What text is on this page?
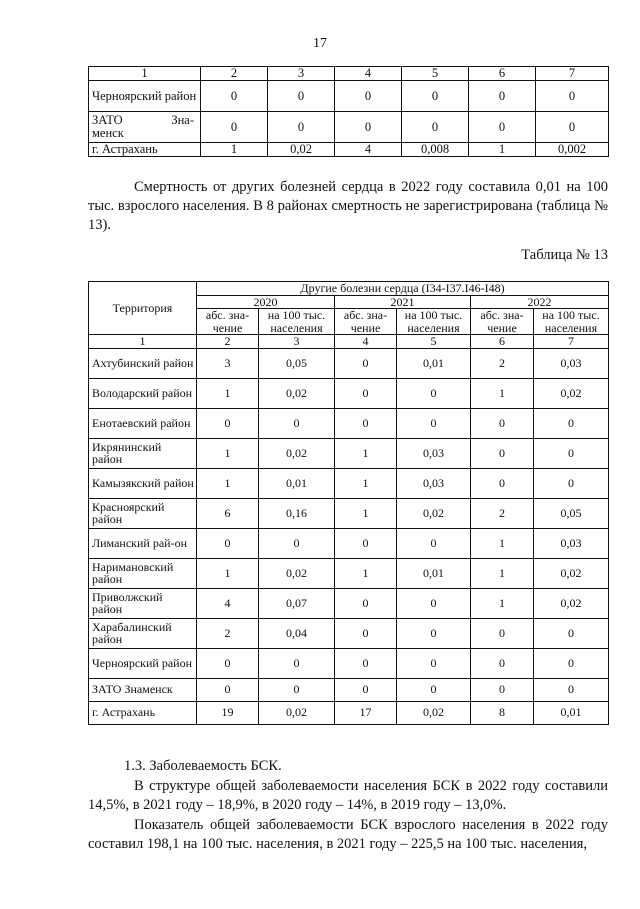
17
1	2	3	4	5	6	7
Черноярский район	0	0	0	0	0	0

ЗАТО Зна-
менск	0	0	0	0	0	0
г. Астрахань	1	0,02	4	0,008	1	0,002
Смертность от других болезней сердца в 2022 году составила 0,01 на 100 тыс. взрослого населения. В 8 районах смертность не зарегистрирована (таблица № 13).
Таблица № 13
Территория	Другие болезни сердца (I34-I37.I46-I48)					
	2020		2021		2022	
	абс. зна-чение	на 100 тыс. населения	абс. зна-чение	на 100 тыс. населения	абс. зна-чение	на 100 тыс. населения
1	2	3	4	5	6	7
Ахтубинский район	3	0,05	0	0,01	2	0,03
Володарский район	1	0,02	0	0	1	0,02
Енотаевский район	0	0	0	0	0	0
Икрянинский район	1	0,02	1	0,03	0	0
Камызякский район	1	0,01	1	0,03	0	0
Красноярский район	6	0,16	1	0,02	2	0,05
Лиманский рай-он	0	0	0	0	1	0,03
Наримановский район	1	0,02	1	0,01	1	0,02
Приволжский район	4	0,07	0	0	1	0,02
Харабалинский район	2	0,04	0	0	0	0
Черноярский район	0	0	0	0	0	0
ЗАТО Знаменск	0	0	0	0	0	0
г. Астрахань	19	0,02	17	0,02	8	0,01
1.3. Заболеваемость БСК.
В структуре общей заболеваемости населения БСК в 2022 году составили 14,5%, в 2021 году – 18,9%, в 2020 году – 14%, в 2019 году – 13,0%.
Показатель общей заболеваемости БСК взрослого населения в 2022 году составил 198,1 на 100 тыс. населения, в 2021 году – 225,5 на 100 тыс. населения,
